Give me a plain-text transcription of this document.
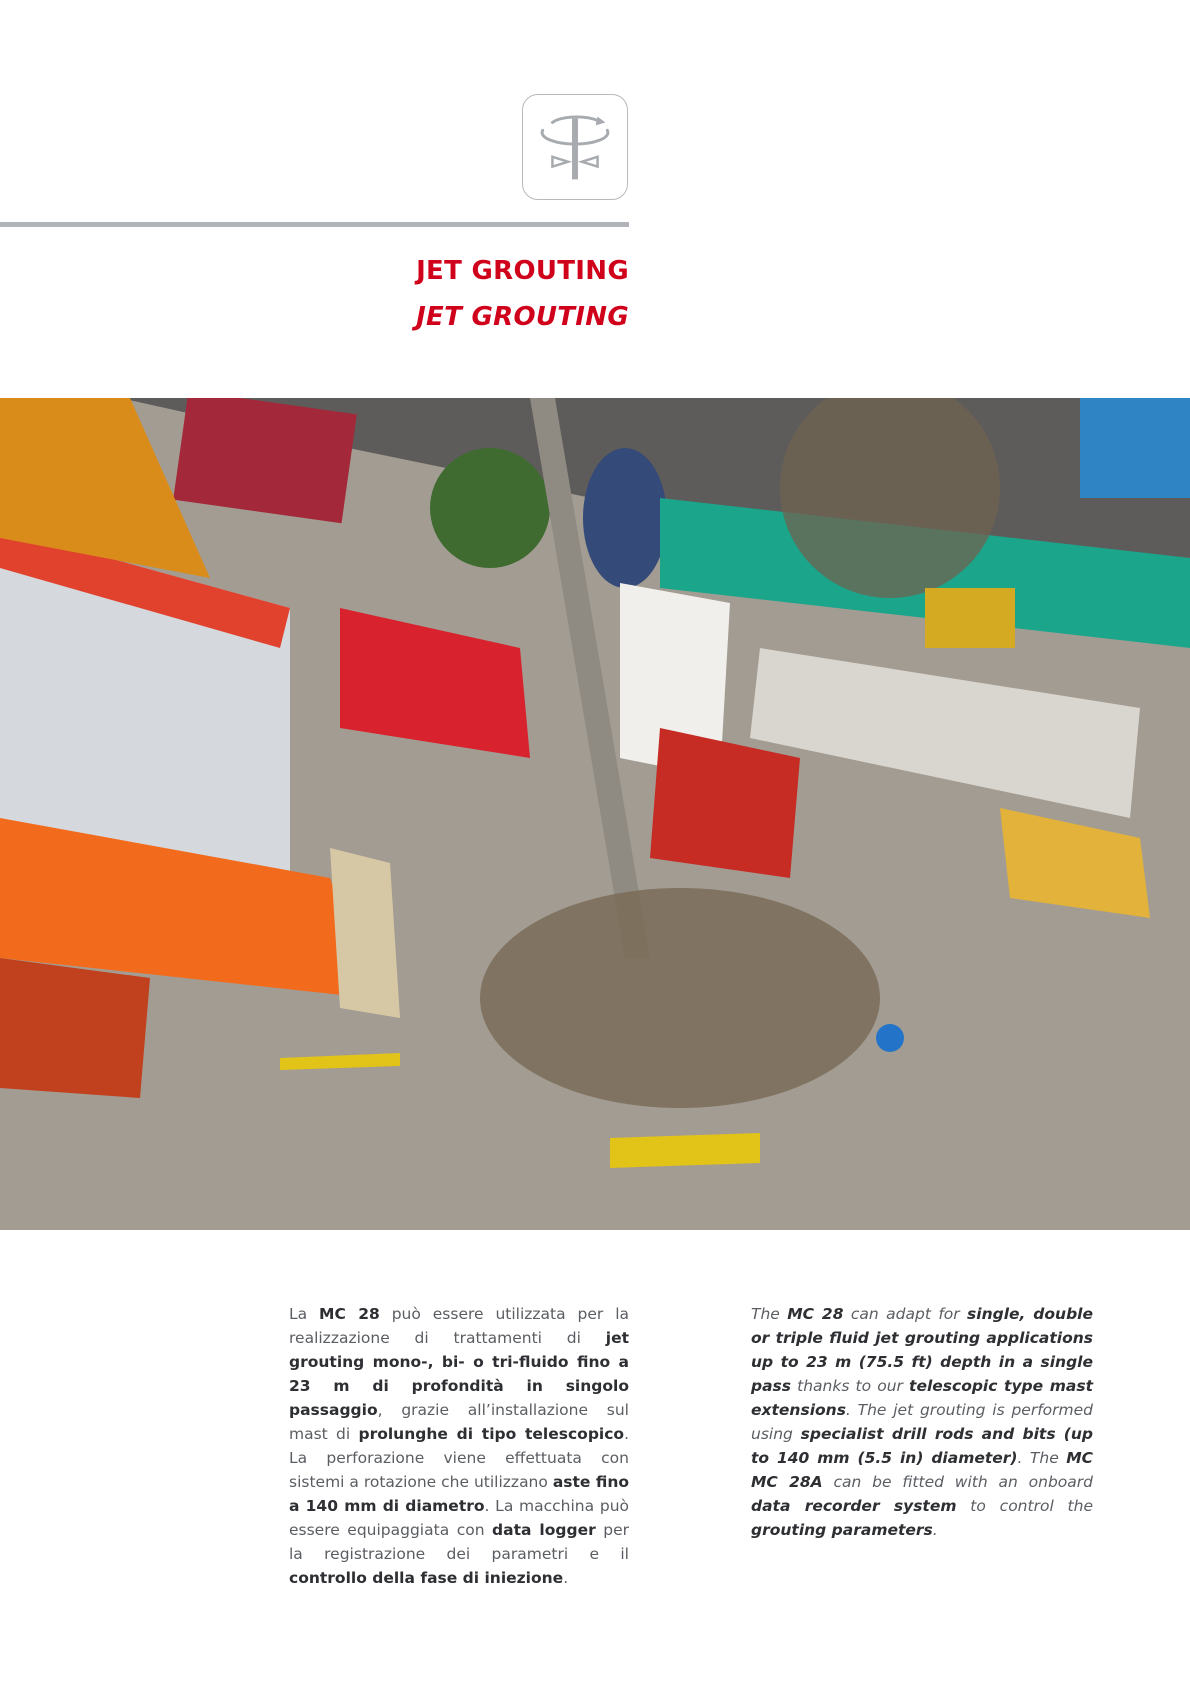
JET GROUTING
JET GROUTING
La MC 28 può essere utilizzata per la realizzazione di trattamenti di jet grouting mono-, bi- o tri-fluido fino a 23 m di profondità in singolo passaggio, grazie all’installazione sul mast di prolunghe di tipo telescopico. La perforazione viene effettuata con sistemi a rotazione che utilizzano aste fino a 140 mm di diametro. La macchina può essere equipaggiata con data logger per la registrazione dei parametri e il controllo della fase di iniezione.
The MC 28 can adapt for single, double or triple fluid jet grouting applications up to 23 m (75.5 ft) depth in a single pass thanks to our telescopic type mast extensions. The jet grouting is performed using specialist drill rods and bits (up to 140 mm (5.5 in) diameter). The MC MC 28A can be fitted with an onboard data recorder system to control the grouting parameters.
